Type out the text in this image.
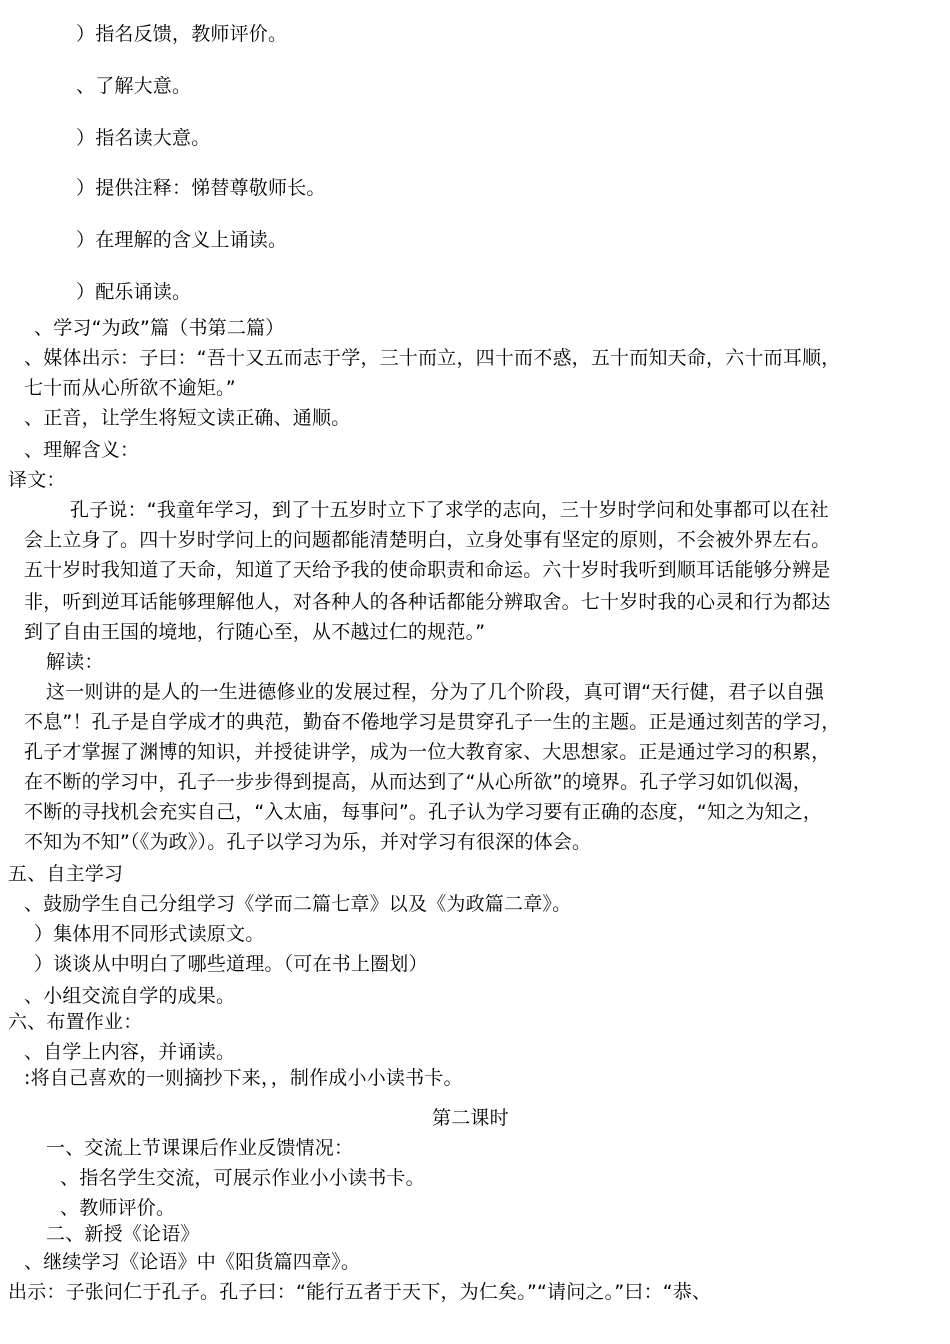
）指名反馈，教师评价。
、了解大意。
）指名读大意。
）提供注释：悌替尊敬师长。
）在理解的含义上诵读。
）配乐诵读。
、学习“为政”篇（书第二篇）
、媒体出示：子曰：“吾十又五而志于学，三十而立，四十而不惑，五十而知天命，六十而耳顺，
七十而从心所欲不逾矩。”
、正音，让学生将短文读正确、通顺。
、理解含义：
译文：
孔子说：“我童年学习，到了十五岁时立下了求学的志向，三十岁时学问和处事都可以在社
会上立身了。四十岁时学问上的问题都能清楚明白，立身处事有坚定的原则，不会被外界左右。
五十岁时我知道了天命，知道了天给予我的使命职责和命运。六十岁时我听到顺耳话能够分辨是
非，听到逆耳话能够理解他人，对各种人的各种话都能分辨取舍。七十岁时我的心灵和行为都达
到了自由王国的境地，行随心至，从不越过仁的规范。”
解读：
这一则讲的是人的一生进德修业的发展过程，分为了几个阶段，真可谓“天行健，君子以自强
不息”！孔子是自学成才的典范，勤奋不倦地学习是贯穿孔子一生的主题。正是通过刻苦的学习，
孔子才掌握了渊博的知识，并授徒讲学，成为一位大教育家、大思想家。正是通过学习的积累，
在不断的学习中，孔子一步步得到提高，从而达到了“从心所欲”的境界。孔子学习如饥似渴，
不断的寻找机会充实自己，“入太庙，每事问”。孔子认为学习要有正确的态度，“知之为知之，
不知为不知”（《为政》）。孔子以学习为乐，并对学习有很深的体会。
五、自主学习
、鼓励学生自己分组学习《学而二篇七章》以及《为政篇二章》。
）集体用不同形式读原文。
）谈谈从中明白了哪些道理。（可在书上圈划）
、小组交流自学的成果。
六、布置作业：
、自学上内容，并诵读。
:将自己喜欢的一则摘抄下来，，制作成小小读书卡。
第二课时
一、交流上节课课后作业反馈情况：
、指名学生交流，可展示作业小小读书卡。
、教师评价。
二、新授《论语》
、继续学习《论语》中《阳货篇四章》。
出示：子张问仁于孔子。孔子曰：“能行五者于天下，为仁矣。”“请问之。”曰：“恭、
